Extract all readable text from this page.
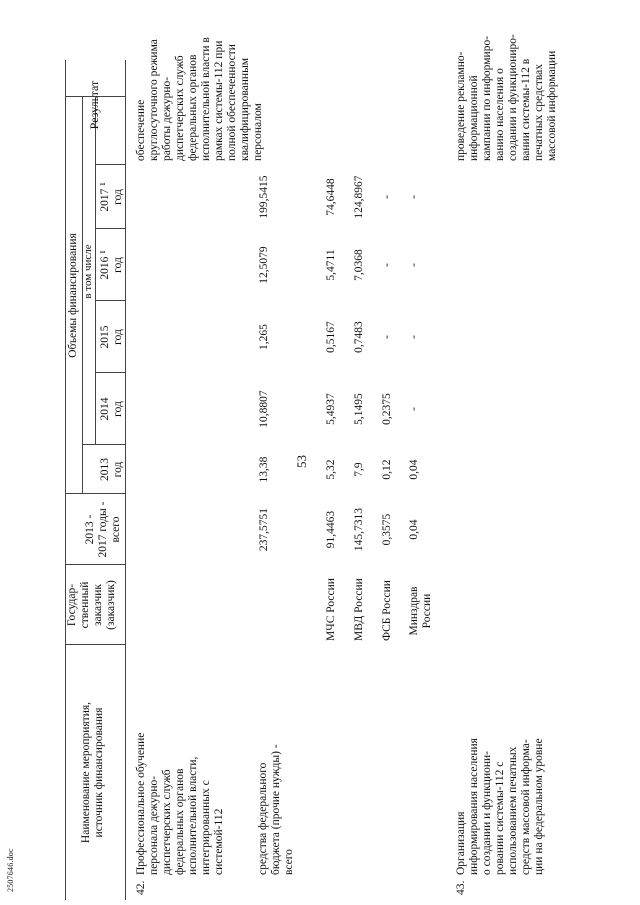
53
2507646.doc
Наименование мероприятия, источник финансирования
Государ- ственный заказчик (заказчик)
Объемы финансирования
2013 - 2017 годы - всего
в том числе
2013 год
2014 год
2015 год
2016 ¹ год
2017 ¹ год
Результат
42.
Профессиональное обучение персонала дежурно- диспетчерских служб федеральных органов исполнительной власти, интегрированных с системой-112	средства федерального бюджета (прочие нужды) - всего
237,5751
13,38
10,8807
1,265
12,5079
199,5415
МЧС России
91,4463
5,32
5,4937
0,5167
5,4711
74,6448
МВД России
145,7313
7,9
5,1495
0,7483
7,0368
124,8967
ФСБ России
0,3575
0,12
0,2375
-
-
-
Минздрав России
0,04
0,04
-
-
-
-
обеспечение круглосуточного режима работы дежурно- диспетчерских служб федеральных органов исполнительной власти в рамках системы-112 при полной обеспеченности квалифицированным персоналом
43.
Организация информирования населения о создании и функциони- ровании системы-112 с использованием печатных средств массовой информа- ции на федеральном уровне
проведение рекламно- информационной кампании по информиро- ванию населения о создании и функциониро- вании системы-112 в печатных средствах массовой информации
